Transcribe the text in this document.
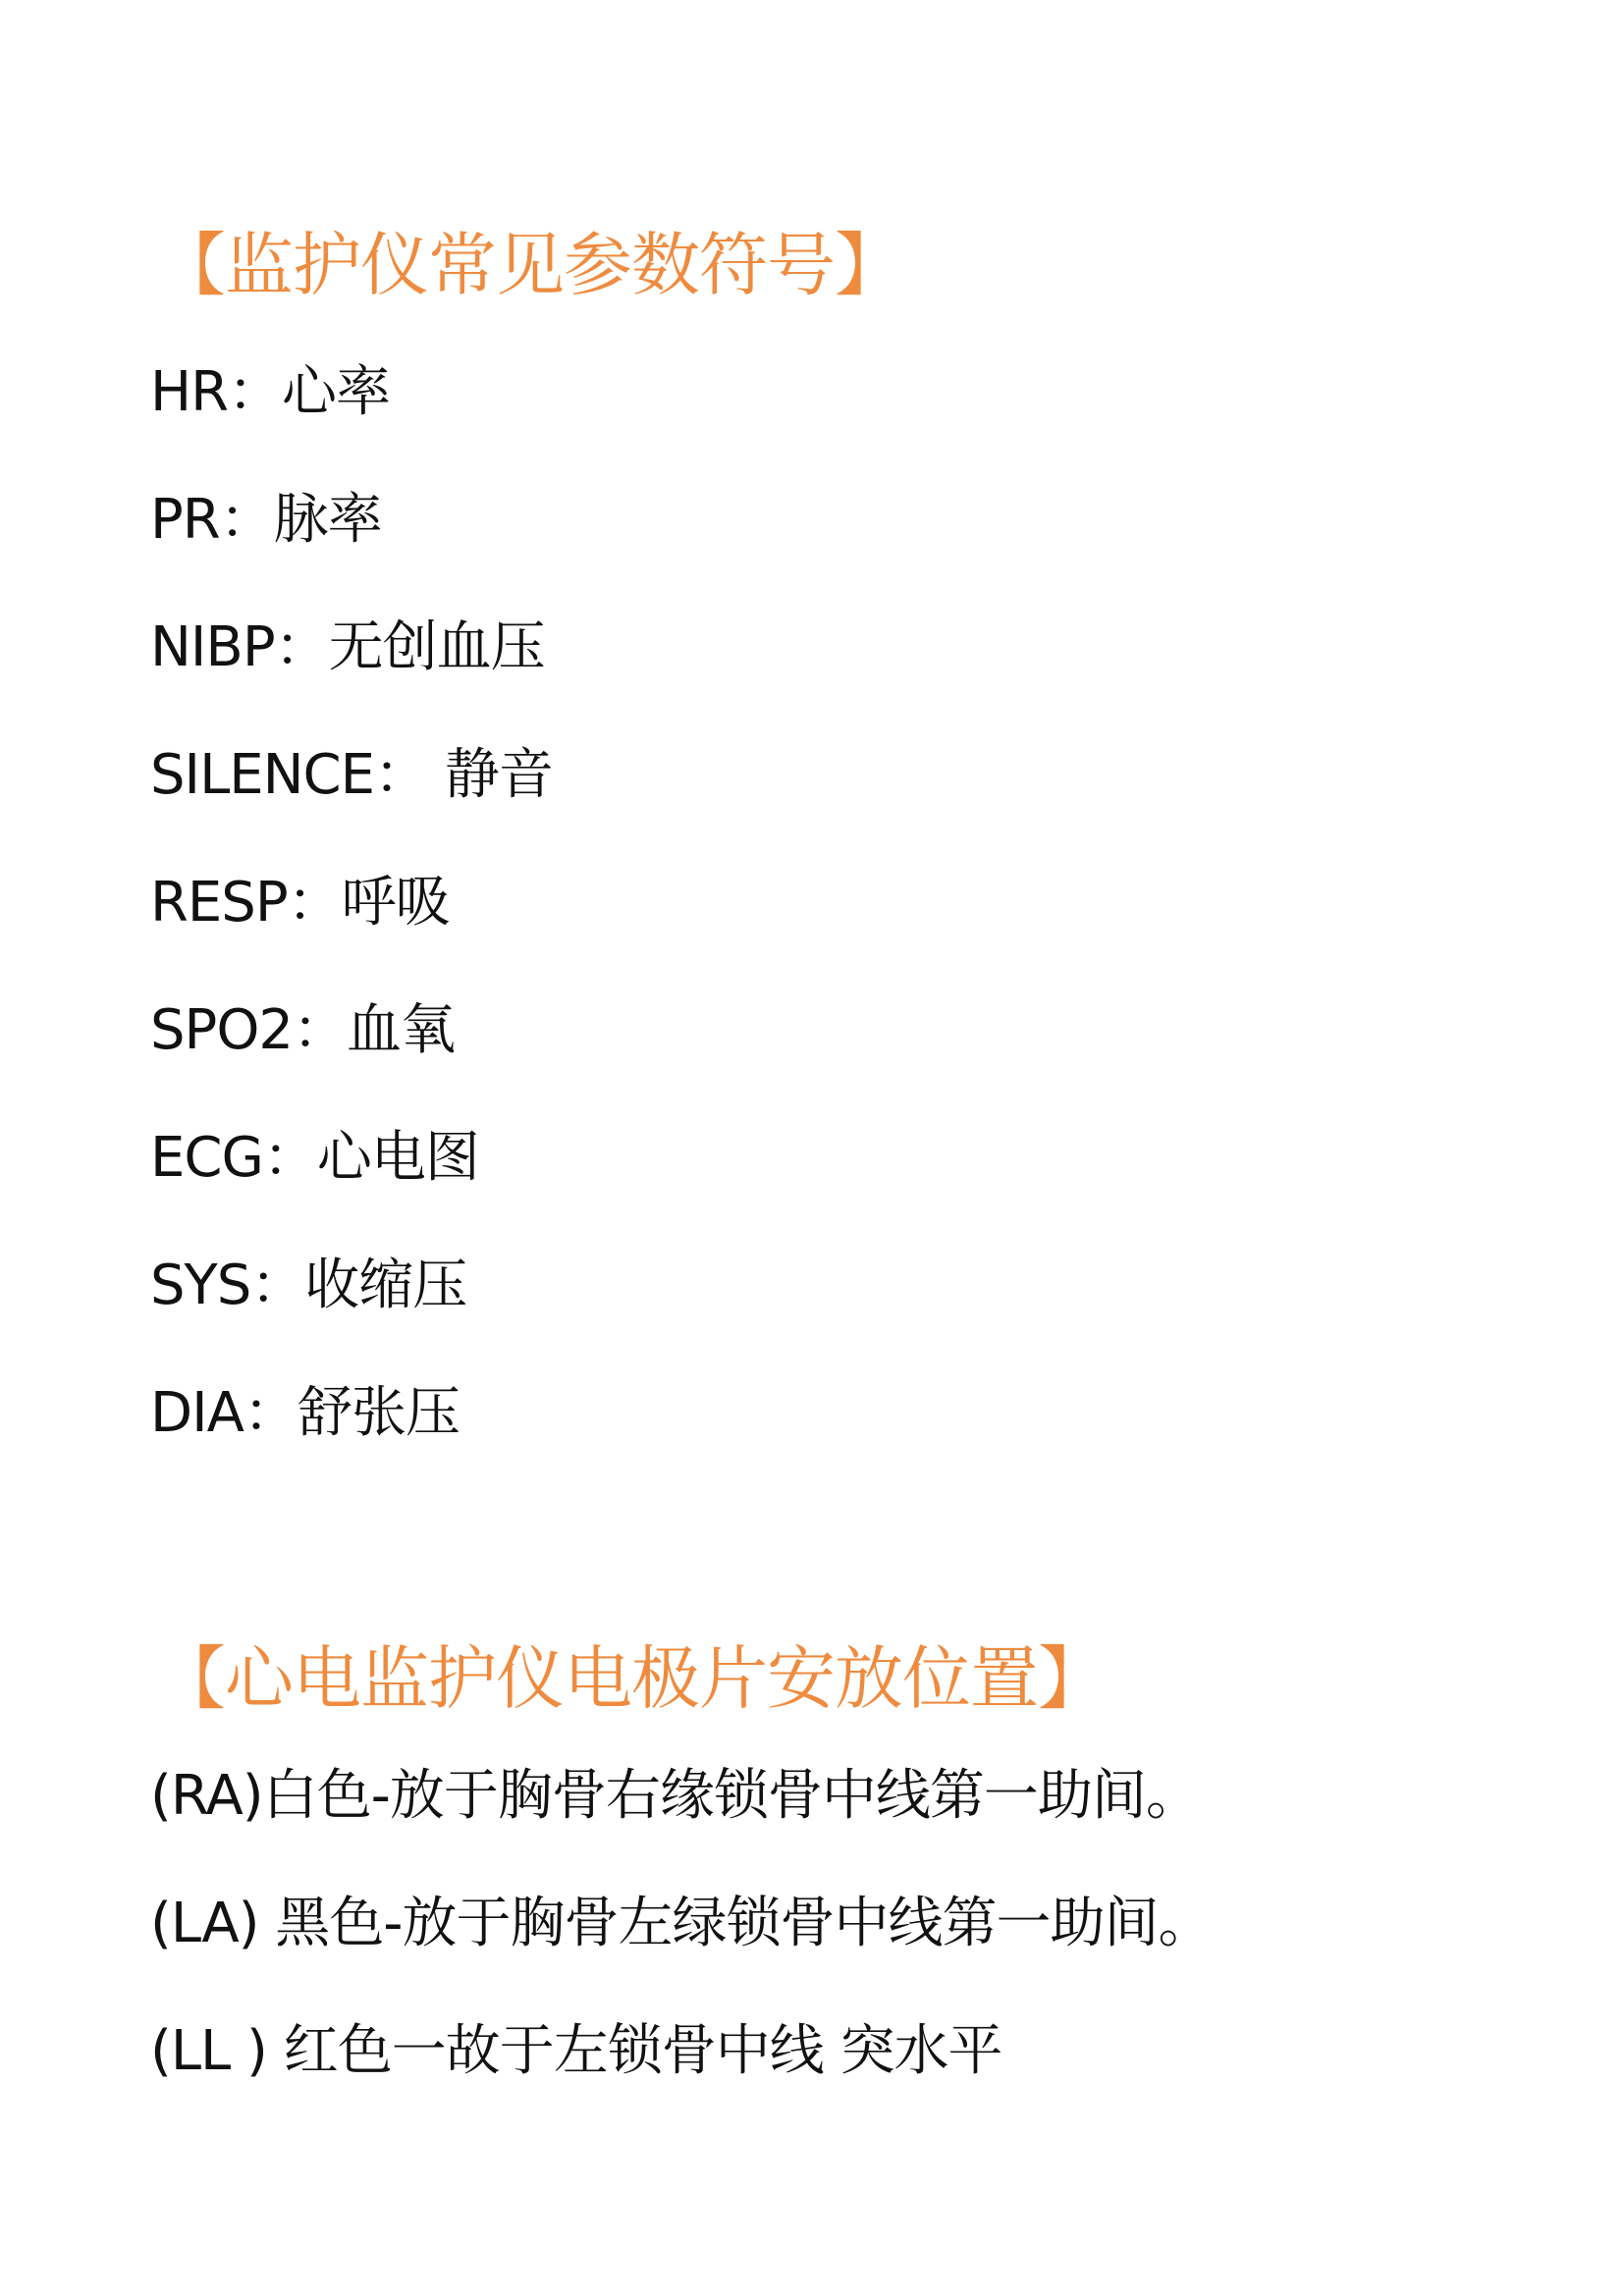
【监护仪常见参数符号】

HR：心率

PR：脉率

NIBP：无创血压

SILENCE： 静音

RESP：呼吸

SPO2：血氧

ECG：心电图

SYS：收缩压

DIA：舒张压

【心电监护仪电极片安放位置】

(RA)白色-放于胸骨右缘锁骨中线第一助间。

(LA) 黑色-放于胸骨左绿锁骨中线第一助间。

(LL ) 红色一故于左锁骨中线 突水平
